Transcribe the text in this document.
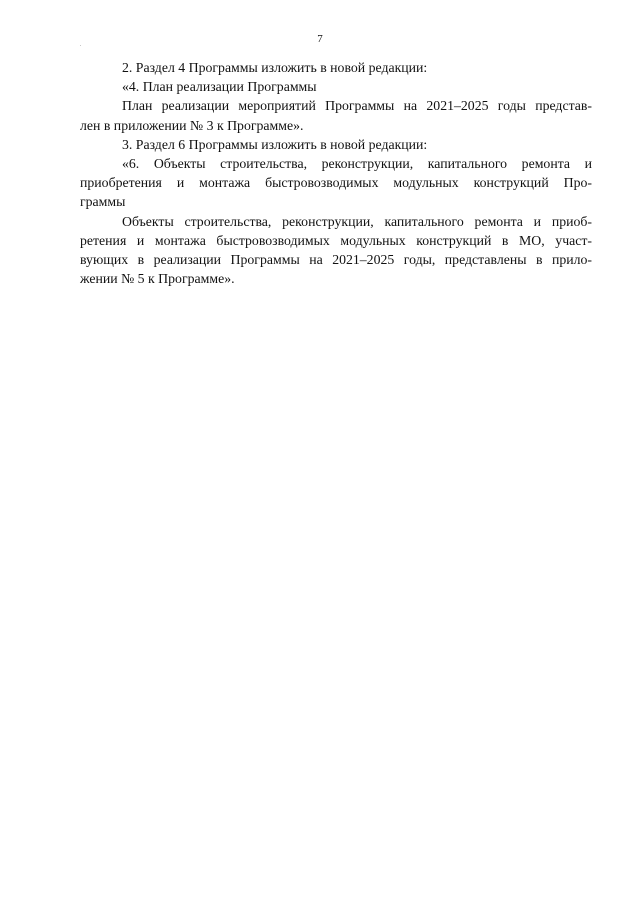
7
2. Раздел 4 Программы изложить в новой редакции:
«4. План реализации Программы
План реализации мероприятий Программы на 2021–2025 годы представ-
лен в приложении № 3 к Программе».
3. Раздел 6 Программы изложить в новой редакции:
«6. Объекты строительства, реконструкции, капитального ремонта и
приобретения и монтажа быстровозводимых модульных конструкций Про-
граммы
Объекты строительства, реконструкции, капитального ремонта и приоб-
ретения и монтажа быстровозводимых модульных конструкций в МО, участ-
вующих в реализации Программы на 2021–2025 годы, представлены в прило-
жении № 5 к Программе».
